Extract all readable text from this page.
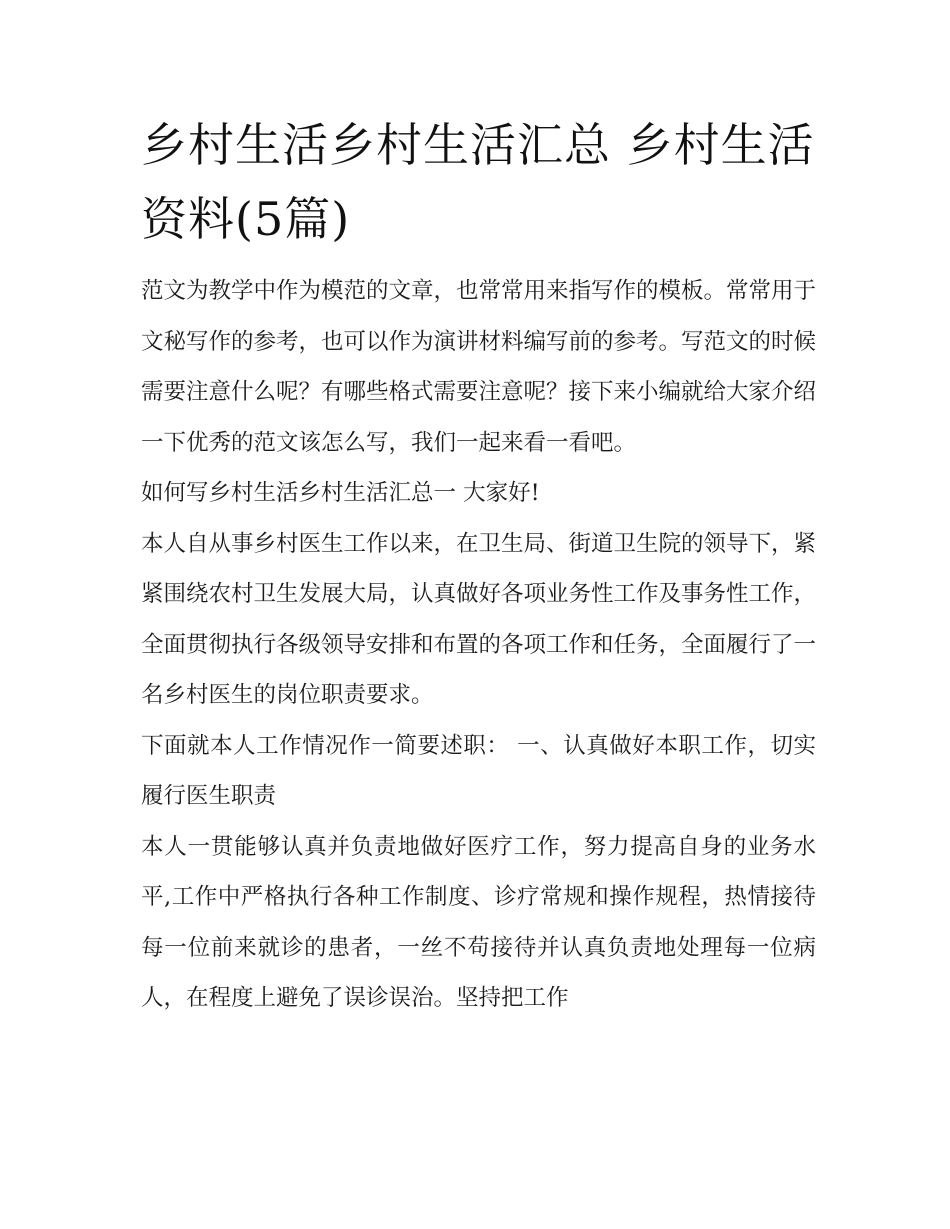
乡村生活乡村生活汇总 乡村生活资料(5篇)

范文为教学中作为模范的文章，也常常用来指写作的模板。常常用于文秘写作的参考，也可以作为演讲材料编写前的参考。写范文的时候需要注意什么呢？有哪些格式需要注意呢？接下来小编就给大家介绍一下优秀的范文该怎么写，我们一起来看一看吧。

如何写乡村生活乡村生活汇总一 大家好!

本人自从事乡村医生工作以来，在卫生局、街道卫生院的领导下，紧紧围绕农村卫生发展大局，认真做好各项业务性工作及事务性工作，全面贯彻执行各级领导安排和布置的各项工作和任务，全面履行了一名乡村医生的岗位职责要求。

下面就本人工作情况作一简要述职： 一、认真做好本职工作，切实履行医生职责

本人一贯能够认真并负责地做好医疗工作，努力提高自身的业务水平,工作中严格执行各种工作制度、诊疗常规和操作规程，热情接待每一位前来就诊的患者，一丝不苟接待并认真负责地处理每一位病人，在程度上避免了误诊误治。坚持把工作
